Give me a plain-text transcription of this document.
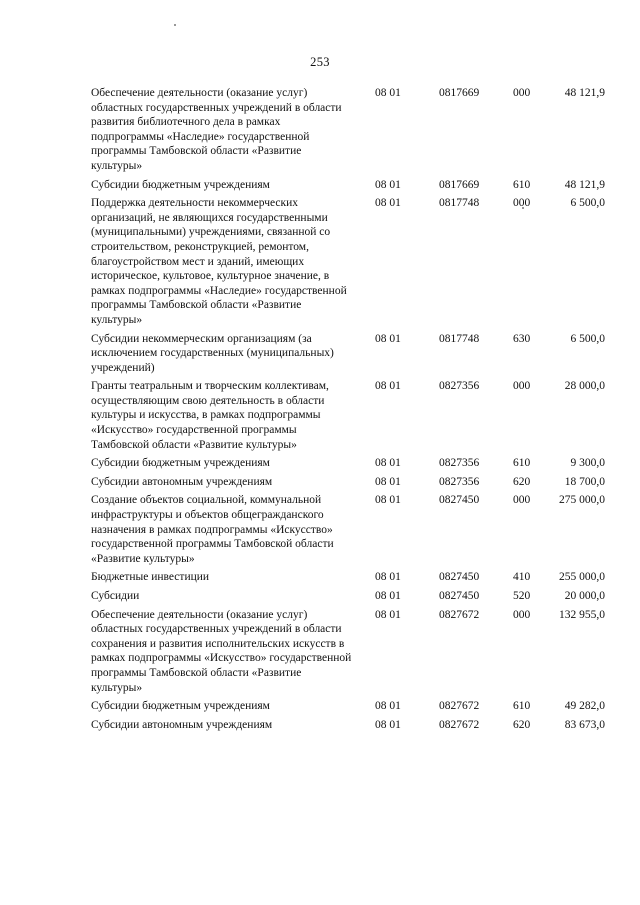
253
Обеспечение деятельности (оказание услуг) областных государственных учреждений в области развития библиотечного дела в рамках подпрограммы «Наследие» государственной программы Тамбовской области «Развитие культуры»	08 01	0817669	000	48 121,9
Субсидии бюджетным учреждениям	08 01	0817669	610	48 121,9
Поддержка деятельности некоммерческих организаций, не являющихся государственными (муниципальными) учреждениями, связанной со строительством, реконструкцией, ремонтом, благоустройством мест и зданий, имеющих историческое, культовое, культурное значение, в рамках подпрограммы «Наследие» государственной программы Тамбовской области «Развитие культуры»	08 01	0817748	000	6 500,0
Субсидии некоммерческим организациям (за исключением государственных (муниципальных) учреждений)	08 01	0817748	630	6 500,0
Гранты театральным и творческим коллективам, осуществляющим свою деятельность в области культуры и искусства, в рамках подпрограммы «Искусство» государственной программы Тамбовской области «Развитие культуры»	08 01	0827356	000	28 000,0
Субсидии бюджетным учреждениям	08 01	0827356	610	9 300,0
Субсидии автономным учреждениям	08 01	0827356	620	18 700,0
Создание объектов социальной, коммунальной инфраструктуры и объектов общегражданского назначения в рамках подпрограммы «Искусство» государственной программы Тамбовской области «Развитие культуры»	08 01	0827450	000	275 000,0
Бюджетные инвестиции	08 01	0827450	410	255 000,0
Субсидии	08 01	0827450	520	20 000,0
Обеспечение деятельности (оказание услуг) областных государственных учреждений в области сохранения и развития исполнительских искусств в рамках подпрограммы «Искусство» государственной программы Тамбовской области «Развитие культуры»	08 01	0827672	000	132 955,0
Субсидии бюджетным учреждениям	08 01	0827672	610	49 282,0
Субсидии автономным учреждениям	08 01	0827672	620	83 673,0
